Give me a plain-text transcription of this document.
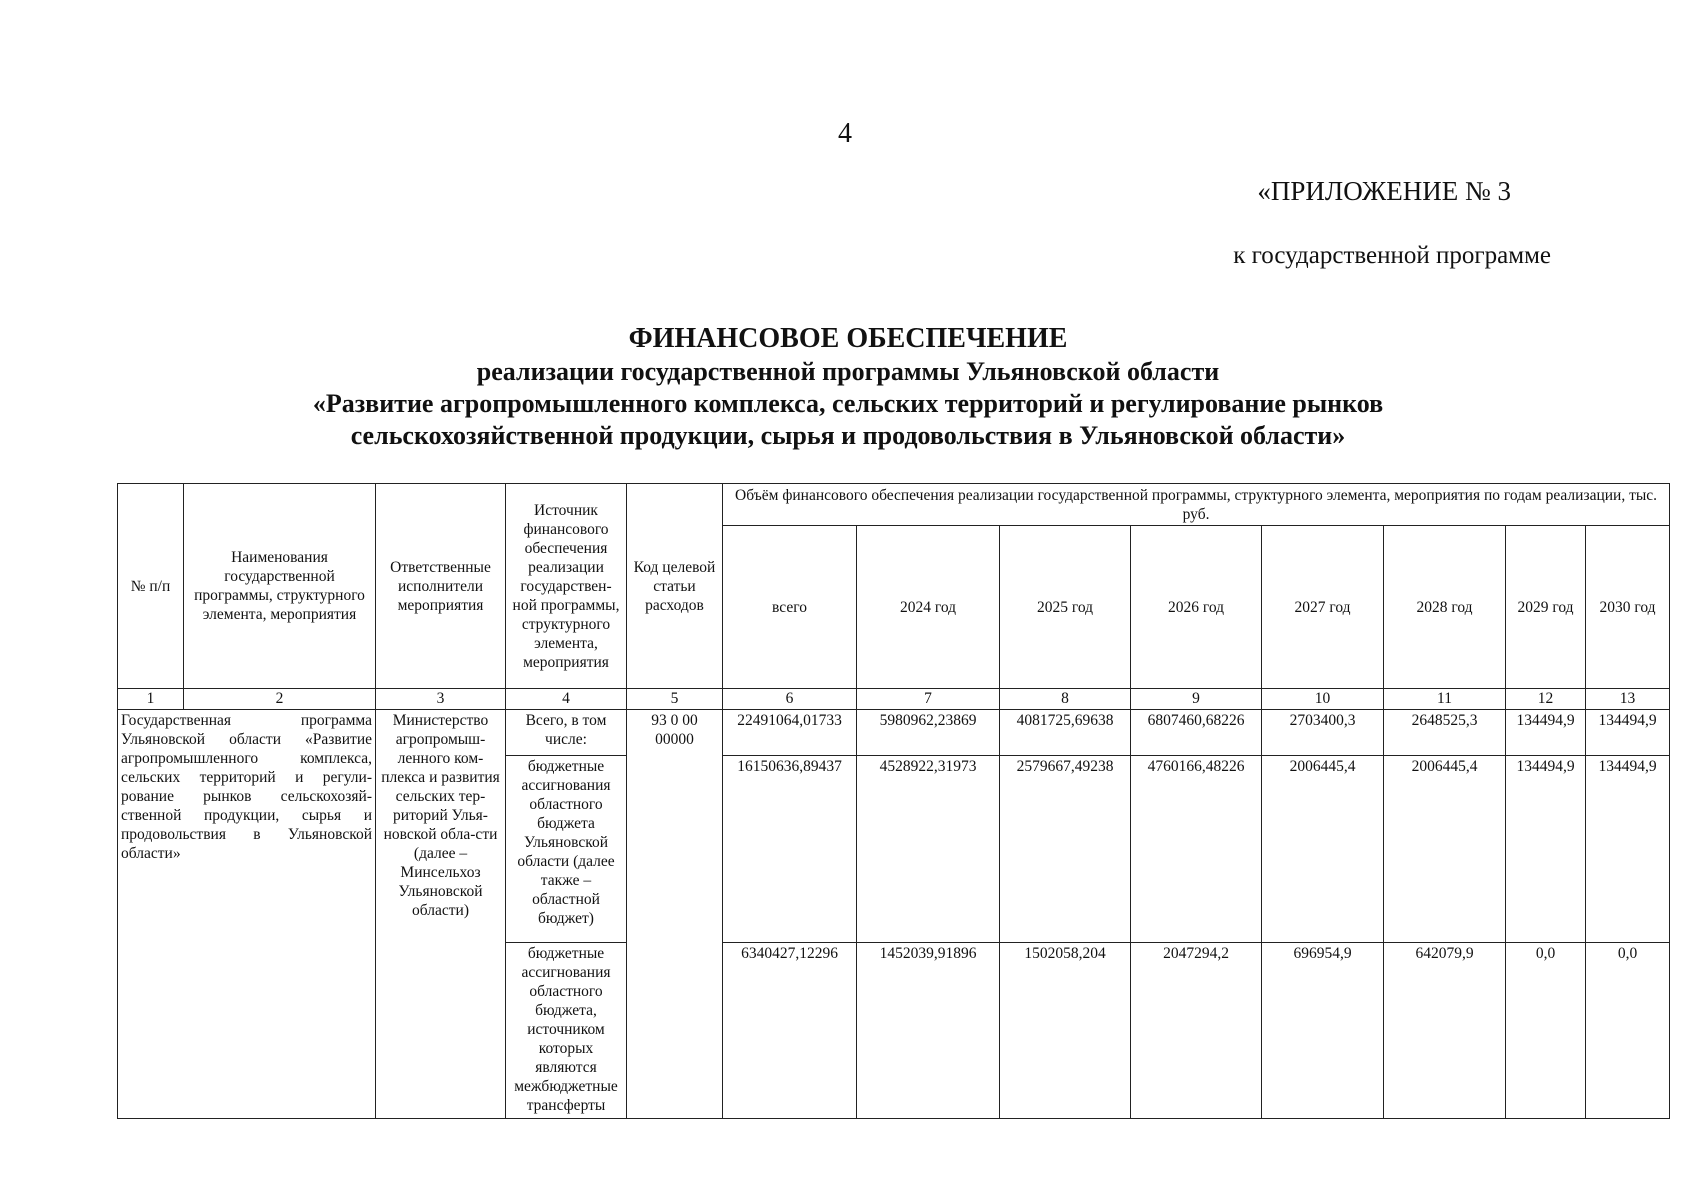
4
«ПРИЛОЖЕНИЕ № 3
к государственной программе
ФИНАНСОВОЕ ОБЕСПЕЧЕНИЕ
реализации государственной программы Ульяновской области
«Развитие агропромышленного комплекса, сельских территорий и регулирование рынков
сельскохозяйственной продукции, сырья и продовольствия в Ульяновской области»
№ п/п	Наименования государственной программы, структурного элемента, мероприятия	Ответственные исполнители мероприятия	Источник финансового обеспечения реализации государствен-ной программы, структурного элемента, мероприятия	Код целевой статьи расходов	Объём финансового обеспечения реализации государственной программы, структурного элемента, мероприятия по годам реализации, тыс. руб.							
					всего	2024 год	2025 год	2026 год	2027 год	2028 год	2029 год	2030 год
1	2	3	4	5	6	7	8	9	10	11	12	13
Государственная программа Ульяновской области «Развитие агропромышленного комплекса, сельских территорий и регули-рование рынков сельскохозяй-ственной продукции, сырья и продовольствия в Ульяновской области»		Министерство агропромыш-ленного ком-плекса и развития сельских тер-риторий Улья-новской обла-сти (далее – Минсельхоз Ульяновской области)	Всего, в том числе:	93 0 00 00000	22491064,01733	5980962,23869	4081725,69638	6807460,68226	2703400,3	2648525,3	134494,9	134494,9
			бюджетные ассигнования областного бюджета Ульяновской области (далее также – областной бюджет)		16150636,89437	4528922,31973	2579667,49238	4760166,48226	2006445,4	2006445,4	134494,9	134494,9
			бюджетные ассигнования областного бюджета, источником которых являются межбюджетные трансферты		6340427,12296	1452039,91896	1502058,204	2047294,2	696954,9	642079,9	0,0	0,0
